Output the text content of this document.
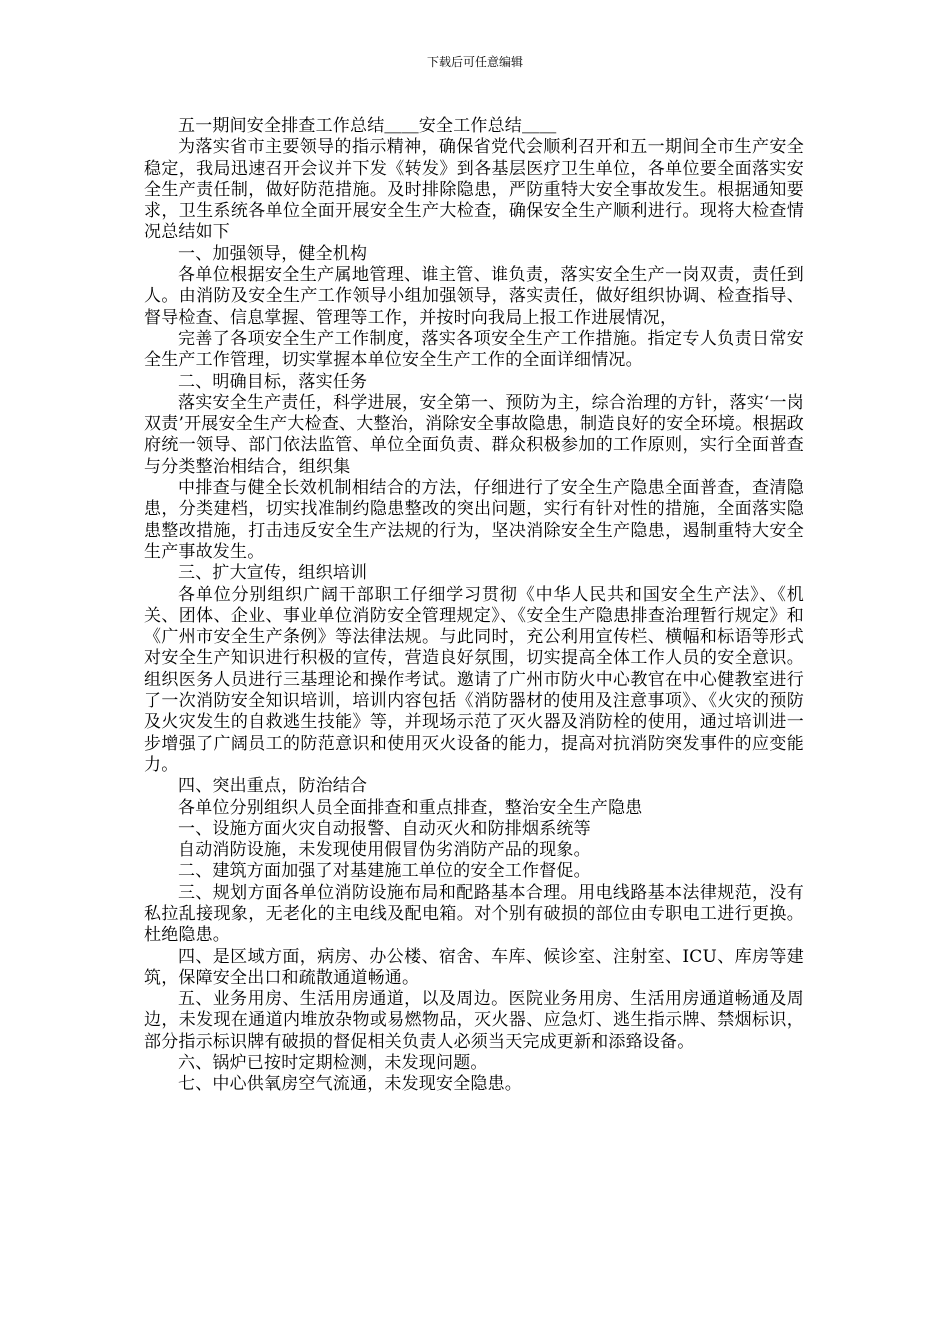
下载后可任意编辑

五一期间安全排查工作总结＿＿安全工作总结＿＿

为落实省市主要领导的指示精神，确保省党代会顺利召开和五一期间全市生产安全稳定，我局迅速召开会议并下发《转发》到各基层医疗卫生单位，各单位要全面落实安全生产责任制，做好防范措施。及时排除隐患，严防重特大安全事故发生。根据通知要求，卫生系统各单位全面开展安全生产大检查，确保安全生产顺利进行。现将大检查情况总结如下

一、加强领导，健全机构

各单位根据安全生产属地管理、谁主管、谁负责，落实安全生产一岗双责，责任到人。由消防及安全生产工作领导小组加强领导，落实责任，做好组织协调、检查指导、督导检查、信息掌握、管理等工作，并按时向我局上报工作进展情况，

完善了各项安全生产工作制度，落实各项安全生产工作措施。指定专人负责日常安全生产工作管理，切实掌握本单位安全生产工作的全面详细情况。

二、明确目标，落实任务

落实安全生产责任，科学进展，安全第一、预防为主，综合治理的方针，落实‘一岗双责’开展安全生产大检查、大整治，消除安全事故隐患，制造良好的安全环境。根据政府统一领导、部门依法监管、单位全面负责、群众积极参加的工作原则，实行全面普查与分类整治相结合，组织集

中排查与健全长效机制相结合的方法，仔细进行了安全生产隐患全面普查，查清隐患，分类建档，切实找准制约隐患整改的突出问题，实行有针对性的措施，全面落实隐患整改措施，打击违反安全生产法规的行为，坚决消除安全生产隐患，遏制重特大安全生产事故发生。

三、扩大宣传，组织培训

各单位分别组织广阔干部职工仔细学习贯彻《中华人民共和国安全生产法》、《机关、团体、企业、事业单位消防安全管理规定》、《安全生产隐患排查治理暂行规定》和《广州市安全生产条例》等法律法规。与此同时，充公利用宣传栏、横幅和标语等形式对安全生产知识进行积极的宣传，营造良好氛围，切实提高全体工作人员的安全意识。组织医务人员进行三基理论和操作考试。邀请了广州市防火中心教官在中心健教室进行了一次消防安全知识培训，培训内容包括《消防器材的使用及注意事项》、《火灾的预防及火灾发生的自救逃生技能》等，并现场示范了灭火器及消防栓的使用，通过培训进一步增强了广阔员工的防范意识和使用灭火设备的能力，提高对抗消防突发事件的应变能力。

四、突出重点，防治结合

各单位分别组织人员全面排查和重点排查，整治安全生产隐患

一、设施方面火灾自动报警、自动灭火和防排烟系统等

自动消防设施，未发现使用假冒伪劣消防产品的现象。

二、建筑方面加强了对基建施工单位的安全工作督促。

三、规划方面各单位消防设施布局和配路基本合理。用电线路基本法律规范，没有私拉乱接现象，无老化的主电线及配电箱。对个别有破损的部位由专职电工进行更换。杜绝隐患。

四、是区域方面，病房、办公楼、宿舍、车库、候诊室、注射室、ICU、库房等建筑，保障安全出口和疏散通道畅通。

五、业务用房、生活用房通道，以及周边。医院业务用房、生活用房通道畅通及周边，未发现在通道内堆放杂物或易燃物品，灭火器、应急灯、逃生指示牌、禁烟标识，部分指示标识牌有破损的督促相关负责人必须当天完成更新和添臵设备。

六、锅炉已按时定期检测，未发现问题。

七、中心供氧房空气流通，未发现安全隐患。
